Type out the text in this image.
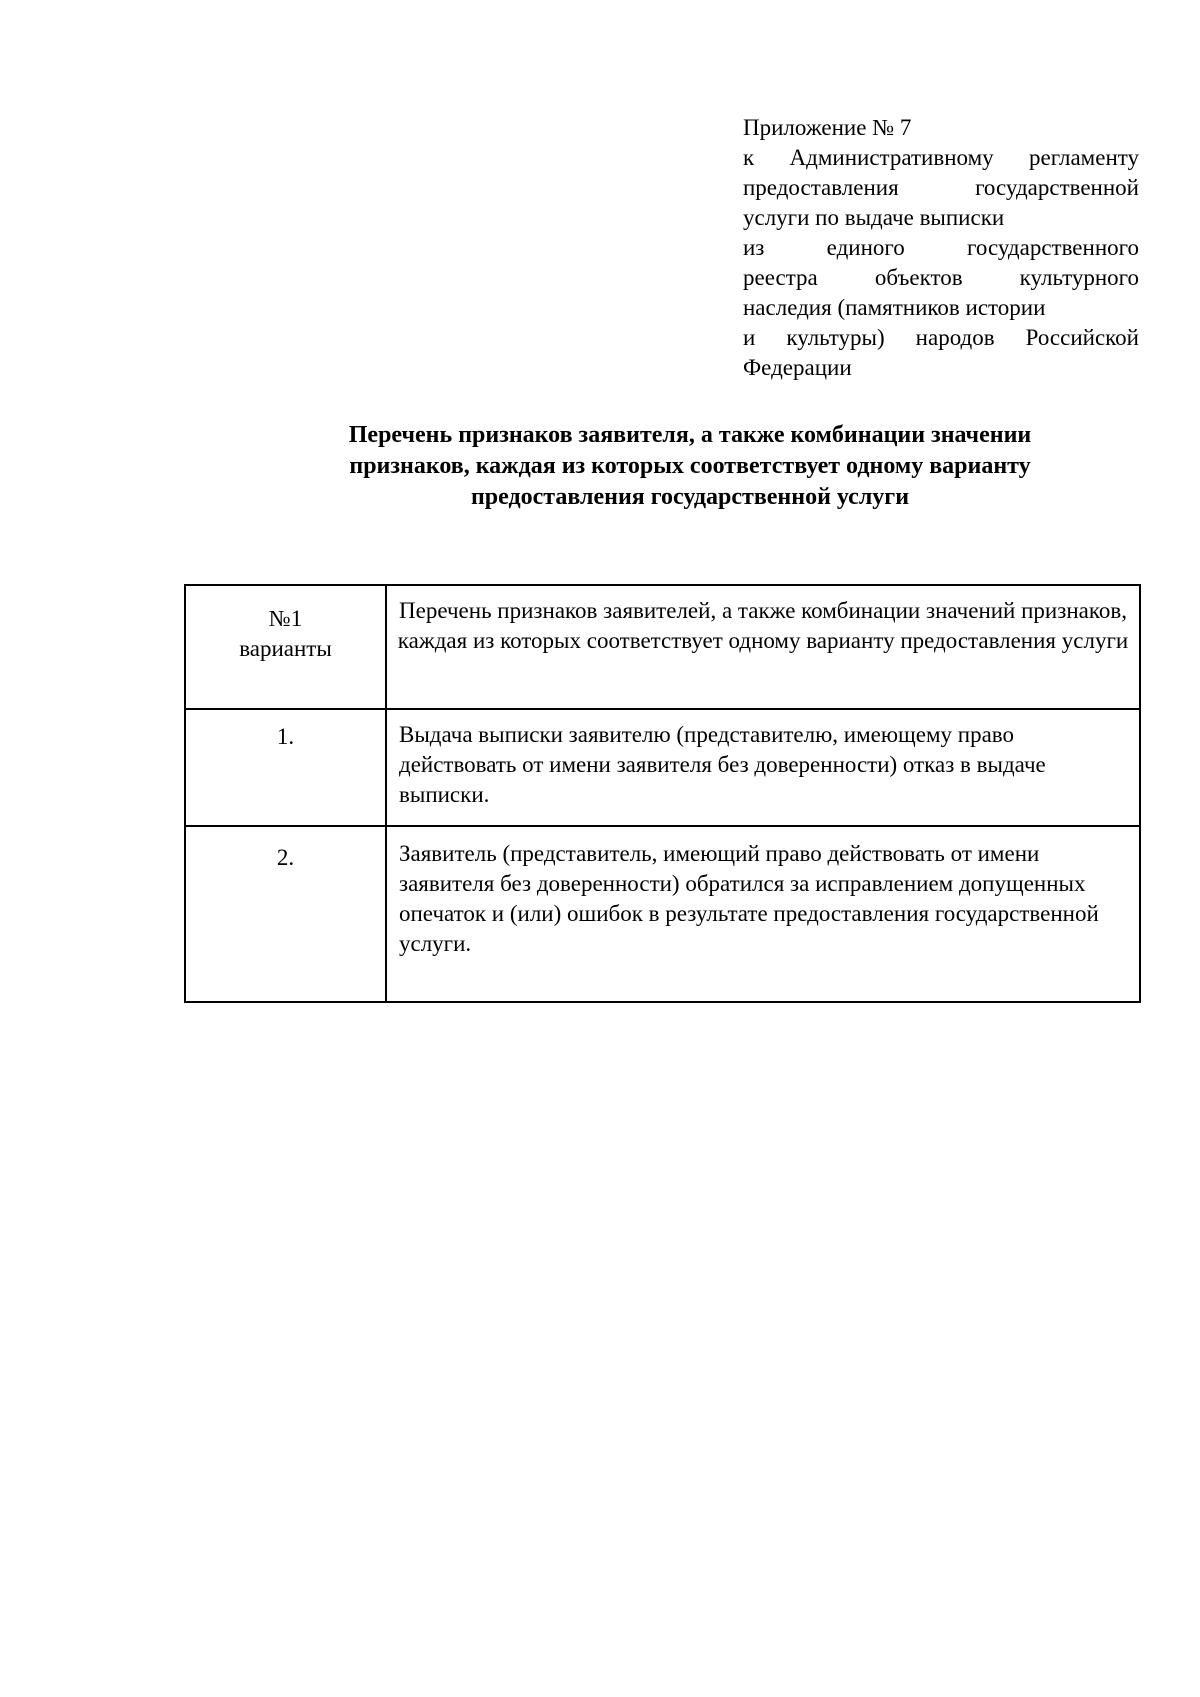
Приложение № 7
к Административному регламенту
предоставления государственной
услуги по выдаче выписки
из единого государственного
реестра объектов культурного
наследия (памятников истории
и культуры) народов Российской
Федерации
Перечень признаков заявителя, а также комбинации значении
признаков, каждая из которых соответствует одному варианту
предоставления государственной услуги
№1
варианты	Перечень признаков заявителей, а также комбинации значений признаков, каждая из которых соответствует одному варианту предоставления услуги
1.	Выдача выписки заявителю (представителю, имеющему право действовать от имени заявителя без доверенности) отказ в выдаче выписки.
2.	Заявитель (представитель, имеющий право действовать от имени заявителя без доверенности) обратился за исправлением допущенных опечаток и (или) ошибок в результате предоставления государственной услуги.
